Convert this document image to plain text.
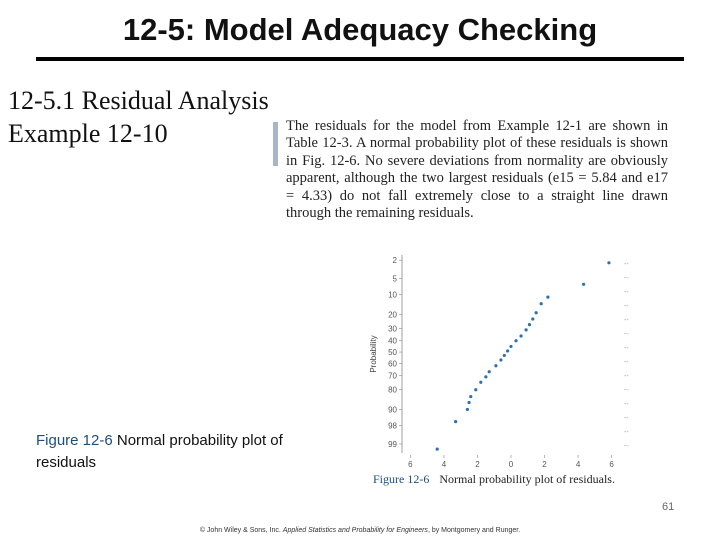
12-5: Model Adequacy Checking
12-5.1 Residual Analysis
Example 12-10	The residuals for the model from Example 12-1 are shown in Table 12-3. A normal probability plot of these residuals is shown in Fig. 12-6. No severe deviations from normality are obviously apparent, although the two largest residuals (e15 = 5.84 and e17 = 4.33) do not fall extremely close to a straight line drawn through the remaining residuals.

Probability
2
5
10
20
30
40
50
60
70
80
90
98
99
--
--
--
--
--
--
--
--
--
--
--
--
--
--
6	4	2	0	2	4	6
Figure 12-6 Normal probability plot of residuals.
Figure 12-6 Normal probability plot of residuals
61
© John Wiley & Sons, Inc. Applied Statistics and Probability for Engineers, by Montgomery and Runger.
